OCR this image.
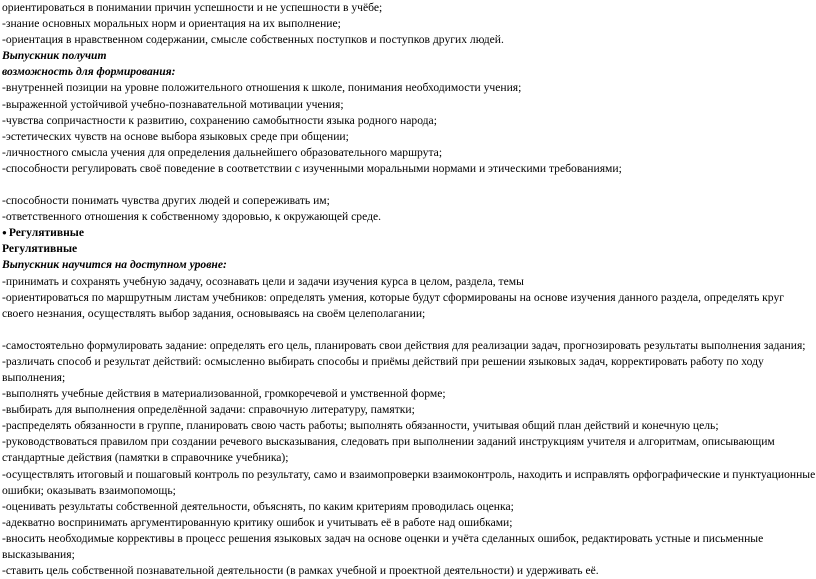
ориентироваться в понимании причин успешности и не успешности в учёбе;
-знание основных моральных норм и ориентация на их выполнение;
-ориентация в нравственном содержании, смысле собственных поступков и поступков других людей.
Выпускник получит
возможность для формирования:
-внутренней позиции на уровне положительного отношения к школе, понимания необходимости учения;
-выраженной устойчивой учебно-познавательной мотивации учения;
-чувства сопричастности к развитию, сохранению самобытности языка родного народа;
-эстетических чувств на основе выбора языковых среде при общении;
-личностного смысла учения для определения дальнейшего образовательного маршрута;
-способности регулировать своё поведение в соответствии с изученными моральными нормами и этическими требованиями;
-способности понимать чувства других людей и сопереживать им;
-ответственного отношения к собственному здоровью, к окружающей среде.
● Регулятивные
Регулятивные
Выпускник научится на доступном уровне:
-принимать и сохранять учебную задачу, осознавать цели и задачи изучения курса в целом, раздела, темы
-ориентироваться по маршрутным листам учебников: определять умения, которые будут сформированы на основе изучения данного раздела, определять круг своего незнания, осуществлять выбор задания, основываясь на своём целеполагании;
-самостоятельно формулировать задание: определять его цель, планировать свои действия для реализации задач, прогнозировать результаты выполнения задания;
-различать способ и результат действий: осмысленно выбирать способы и приёмы действий при решении языковых задач, корректировать работу по ходу выполнения;
-выполнять учебные действия в материализованной, громкоречевой и умственной форме;
-выбирать для выполнения определённой задачи: справочную литературу, памятки;
-распределять обязанности в группе, планировать свою часть работы; выполнять обязанности, учитывая общий план действий и конечную цель;
-руководствоваться правилом при создании речевого высказывания, следовать при выполнении заданий инструкциям учителя и алгоритмам, описывающим стандартные действия (памятки в справочнике учебника);
-осуществлять итоговый и пошаговый контроль по результату, само и взаимопроверки взаимоконтроль, находить и исправлять орфографические и пунктуационные ошибки; оказывать взаимопомощь;
-оценивать результаты собственной деятельности, объяснять, по каким критериям проводилась оценка;
-адекватно воспринимать аргументированную критику ошибок и учитывать её в работе над ошибками;
-вносить необходимые коррективы в процесс решения языковых задач на основе оценки и учёта сделанных ошибок, редактировать устные и письменные высказывания;
-ставить цель собственной познавательной деятельности (в рамках учебной и проектной деятельности) и удерживать её.
